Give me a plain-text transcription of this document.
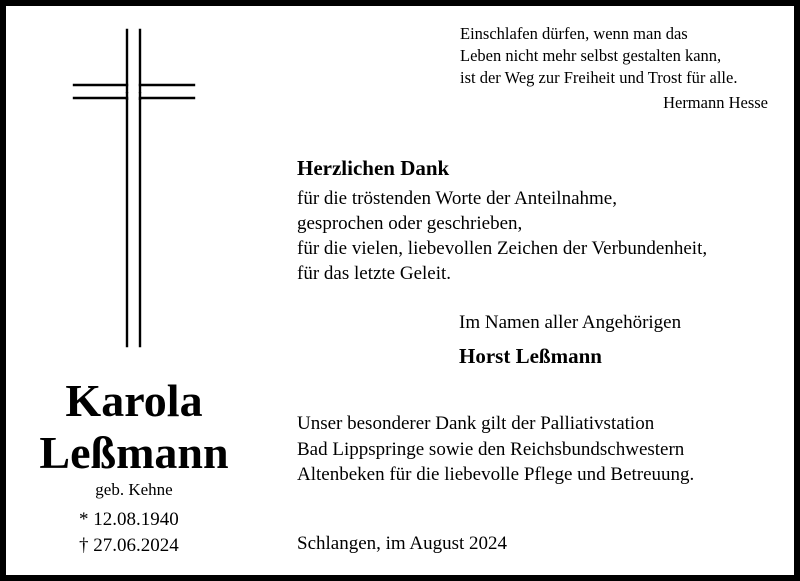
Einschlafen dürfen, wenn man das
Leben nicht mehr selbst gestalten kann,
ist der Weg zur Freiheit und Trost für alle.
Hermann Hesse
Herzlichen Dank
für die tröstenden Worte der Anteilnahme,
gesprochen oder geschrieben,
für die vielen, liebevollen Zeichen der Verbundenheit,
für das letzte Geleit.
Im Namen aller Angehörigen
Horst Leßmann
Unser besonderer Dank gilt der Palliativstation
Bad Lippspringe sowie den Reichsbundschwestern
Altenbeken für die liebevolle Pflege und Betreuung.
Schlangen, im August 2024
Karola
Leßmann
geb. Kehne
* 12.08.1940
† 27.06.2024
